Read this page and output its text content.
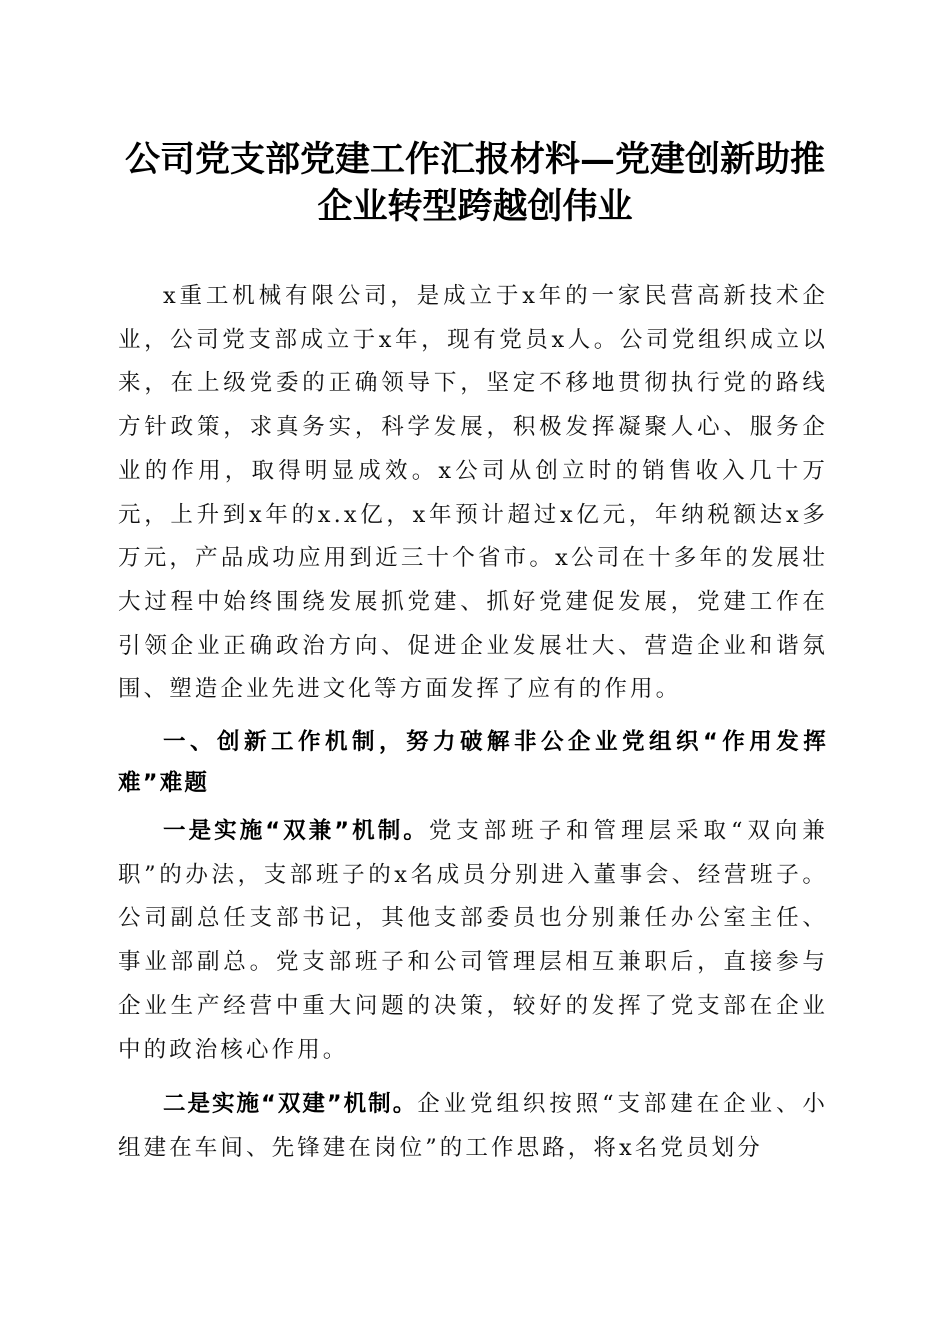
公司党支部党建工作汇报材料—党建创新助推
企业转型跨越创伟业

x重工机械有限公司，是成立于x年的一家民营高新技术企业，公司党支部成立于x年，现有党员x人。公司党组织成立以来，在上级党委的正确领导下，坚定不移地贯彻执行党的路线方针政策，求真务实，科学发展，积极发挥凝聚人心、服务企业的作用，取得明显成效。x公司从创立时的销售收入几十万元，上升到x年的x.x亿，x年预计超过x亿元，年纳税额达x多万元，产品成功应用到近三十个省市。x公司在十多年的发展壮大过程中始终围绕发展抓党建、抓好党建促发展，党建工作在引领企业正确政治方向、促进企业发展壮大、营造企业和谐氛围、塑造企业先进文化等方面发挥了应有的作用。

一、创新工作机制，努力破解非公企业党组织“作用发挥难”难题

一是实施“双兼”机制。党支部班子和管理层采取“双向兼职”的办法，支部班子的x名成员分别进入董事会、经营班子。公司副总任支部书记，其他支部委员也分别兼任办公室主任、事业部副总。党支部班子和公司管理层相互兼职后，直接参与企业生产经营中重大问题的决策，较好的发挥了党支部在企业中的政治核心作用。

二是实施“双建”机制。企业党组织按照“支部建在企业、小组建在车间、先锋建在岗位”的工作思路，将x名党员划分
